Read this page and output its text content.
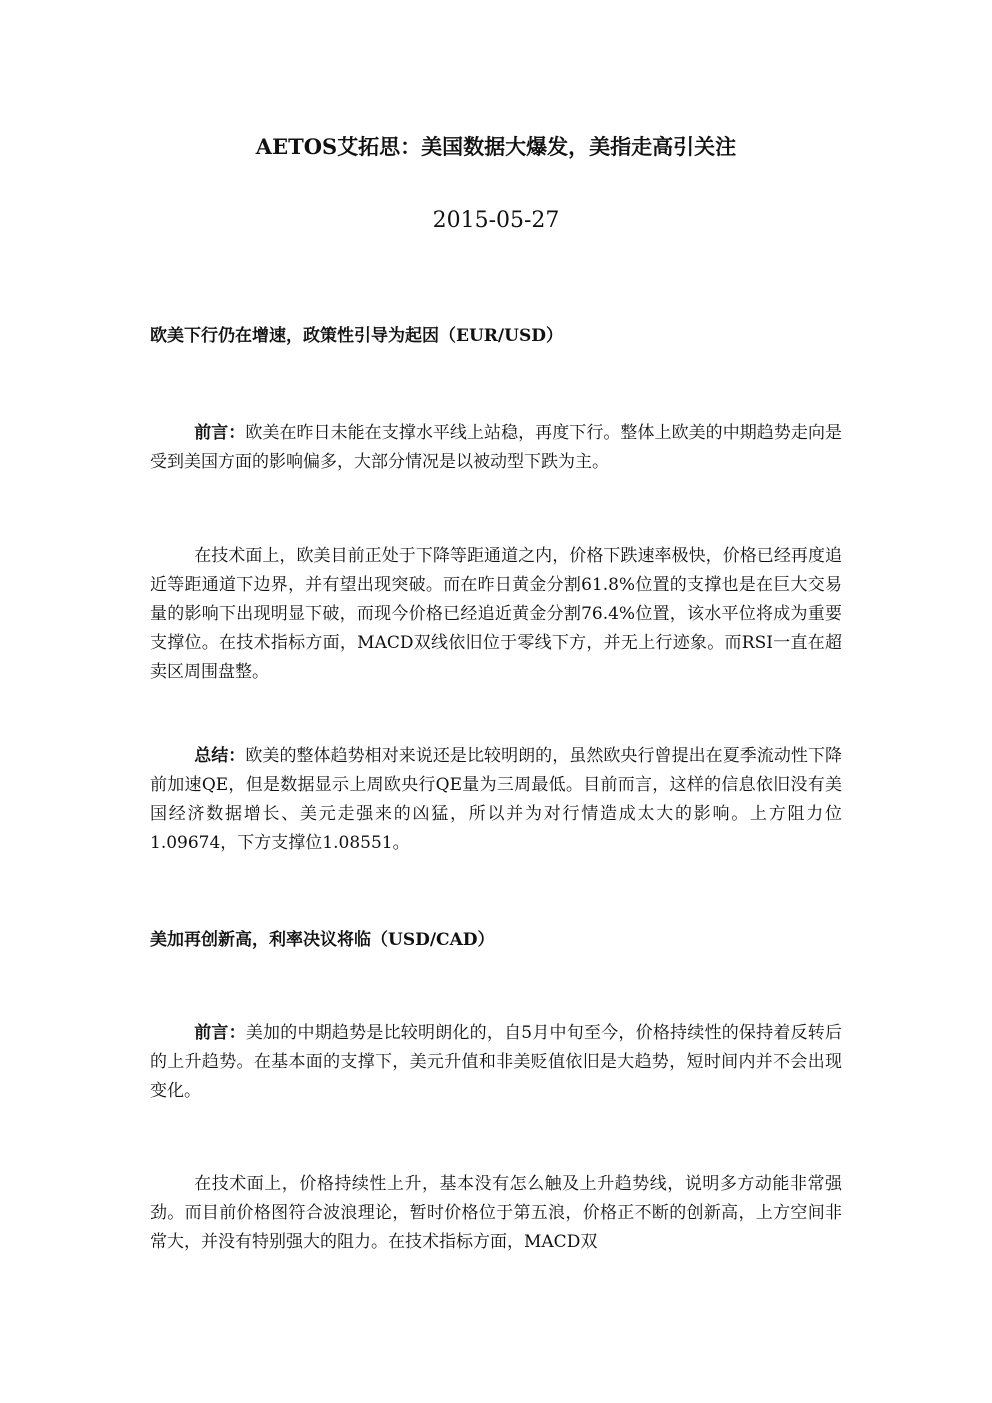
AETOS艾拓思：美国数据大爆发，美指走高引关注
2015-05-27
欧美下行仍在增速，政策性引导为起因（EUR/USD）

前言：欧美在昨日未能在支撑水平线上站稳，再度下行。整体上欧美的中期趋势走向是受到美国方面的影响偏多，大部分情况是以被动型下跌为主。

在技术面上，欧美目前正处于下降等距通道之内，价格下跌速率极快，价格已经再度追近等距通道下边界，并有望出现突破。而在昨日黄金分割61.8%位置的支撑也是在巨大交易量的影响下出现明显下破，而现今价格已经追近黄金分割76.4%位置，该水平位将成为重要支撑位。在技术指标方面，MACD双线依旧位于零线下方，并无上行迹象。而RSI一直在超卖区周围盘整。

总结：欧美的整体趋势相对来说还是比较明朗的，虽然欧央行曾提出在夏季流动性下降前加速QE，但是数据显示上周欧央行QE量为三周最低。目前而言，这样的信息依旧没有美国经济数据增长、美元走强来的凶猛，所以并为对行情造成太大的影响。上方阻力位1.09674，下方支撑位1.08551。

美加再创新高，利率决议将临（USD/CAD）

前言：美加的中期趋势是比较明朗化的，自5月中旬至今，价格持续性的保持着反转后的上升趋势。在基本面的支撑下，美元升值和非美贬值依旧是大趋势，短时间内并不会出现变化。

在技术面上，价格持续性上升，基本没有怎么触及上升趋势线，说明多方动能非常强劲。而目前价格图符合波浪理论，暂时价格位于第五浪，价格正不断的创新高，上方空间非常大，并没有特别强大的阻力。在技术指标方面，MACD双
